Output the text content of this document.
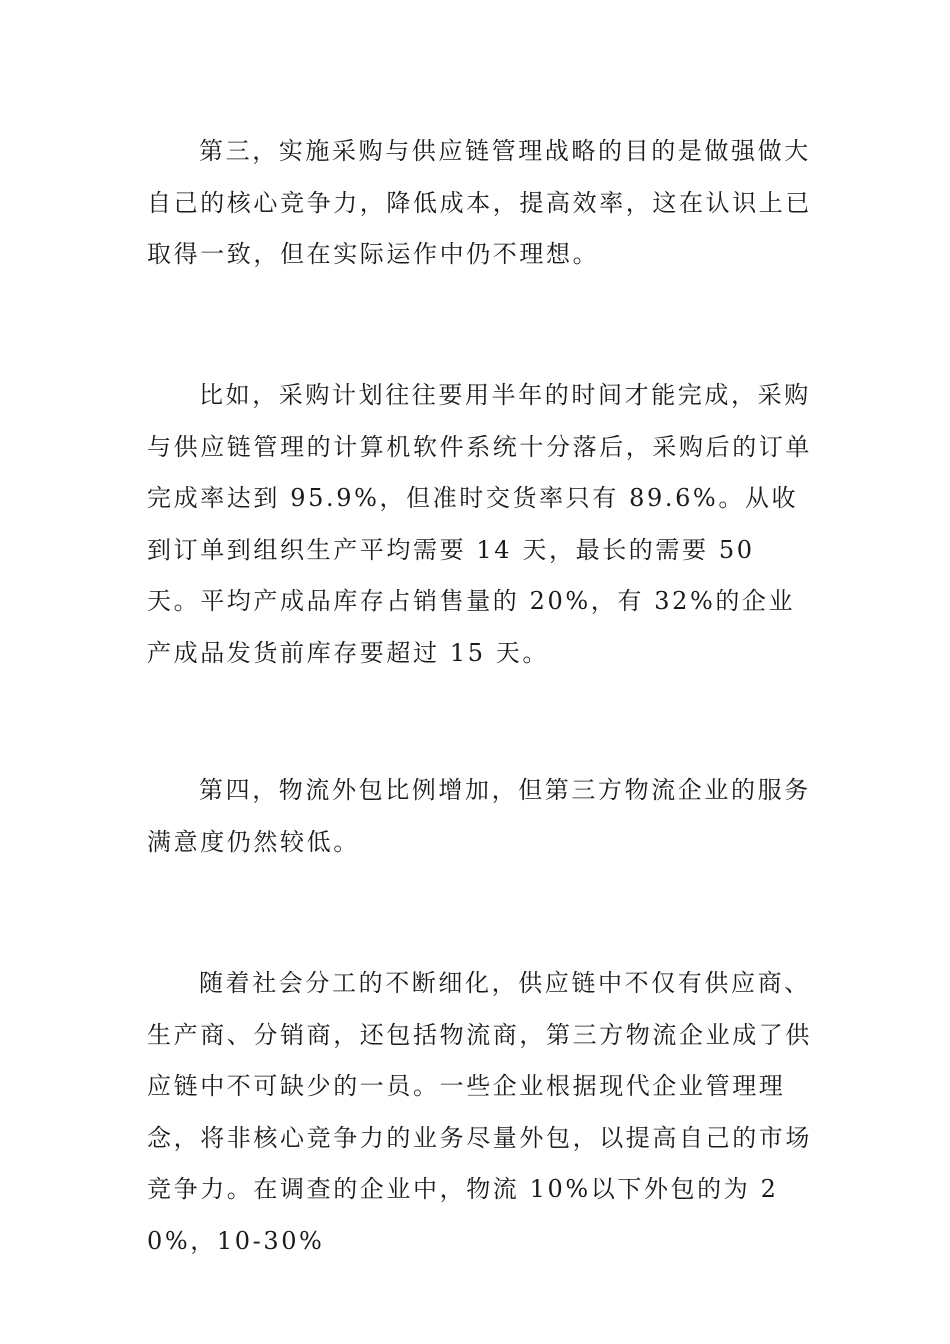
第三，实施采购与供应链管理战略的目的是做强做大自己的核心竞争力，降低成本，提高效率，这在认识上已取得一致，但在实际运作中仍不理想。

比如，采购计划往往要用半年的时间才能完成，采购与供应链管理的计算机软件系统十分落后，采购后的订单完成率达到 95.9%，但准时交货率只有 89.6%。从收到订单到组织生产平均需要 14 天，最长的需要 50 天。平均产成品库存占销售量的 20%，有 32%的企业产成品发货前库存要超过 15 天。

第四，物流外包比例增加，但第三方物流企业的服务满意度仍然较低。

随着社会分工的不断细化，供应链中不仅有供应商、生产商、分销商，还包括物流商，第三方物流企业成了供应链中不可缺少的一员。一些企业根据现代企业管理理念，将非核心竞争力的业务尽量外包，以提高自己的市场竞争力。在调查的企业中，物流 10%以下外包的为 20%，10-30%
